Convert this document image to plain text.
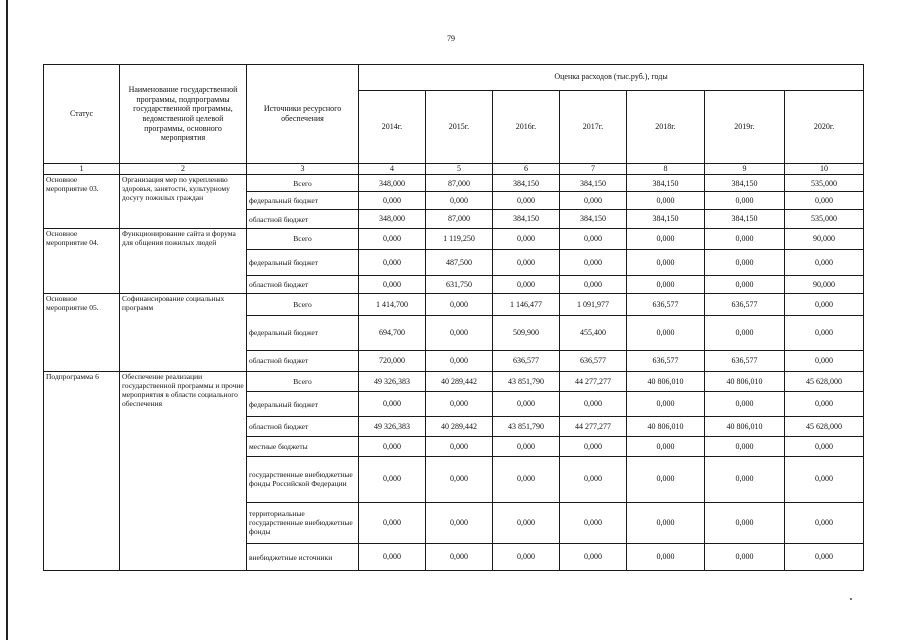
79
Статус	Наименование государственной программы, подпрограммы государственной программы, ведомственной целевой программы, основного мероприятия	Источники ресурсного обеспечения	Оценка расходов (тыс.руб.), годы						
			2014г.	2015г.	2016г.	2017г.	2018г.	2019г.	2020г.
1	2	3	4	5	6	7	8	9	10
Основное мероприятие 03.	Организация мер по укреплению здоровья, занятости, культурному досугу пожилых граждан	Всего	348,000	87,000	384,150	384,150	384,150	384,150	535,000
		федеральный бюджет	0,000	0,000	0,000	0,000	0,000	0,000	0,000
		областной бюджет	348,000	87,000	384,150	384,150	384,150	384,150	535,000
Основное мероприятие 04.	Функционирование сайта и форума для общения пожилых людей	Всего	0,000	1 119,250	0,000	0,000	0,000	0,000	90,000
		федеральный бюджет	0,000	487,500	0,000	0,000	0,000	0,000	0,000
		областной бюджет	0,000	631,750	0,000	0,000	0,000	0,000	90,000
Основное мероприятие 05.	Софинансирование социальных программ	Всего	1 414,700	0,000	1 146,477	1 091,977	636,577	636,577	0,000
		федеральный бюджет	694,700	0,000	509,900	455,400	0,000	0,000	0,000
		областной бюджет	720,000	0,000	636,577	636,577	636,577	636,577	0,000
Подпрограмма 6	Обеспечение реализации государственной программы и прочие мероприятия в области социального обеспечения	Всего	49 326,383	40 289,442	43 851,790	44 277,277	40 806,010	40 806,010	45 628,000
		федеральный бюджет	0,000	0,000	0,000	0,000	0,000	0,000	0,000
		областной бюджет	49 326,383	40 289,442	43 851,790	44 277,277	40 806,010	40 806,010	45 628,000
		местные бюджеты	0,000	0,000	0,000	0,000	0,000	0,000	0,000
		государственные внебюджетные фонды Российской Федерации	0,000	0,000	0,000	0,000	0,000	0,000	0,000
		территориальные государственные внебюджетные фонды	0,000	0,000	0,000	0,000	0,000	0,000	0,000
		внебюджетные источники	0,000	0,000	0,000	0,000	0,000	0,000	0,000
